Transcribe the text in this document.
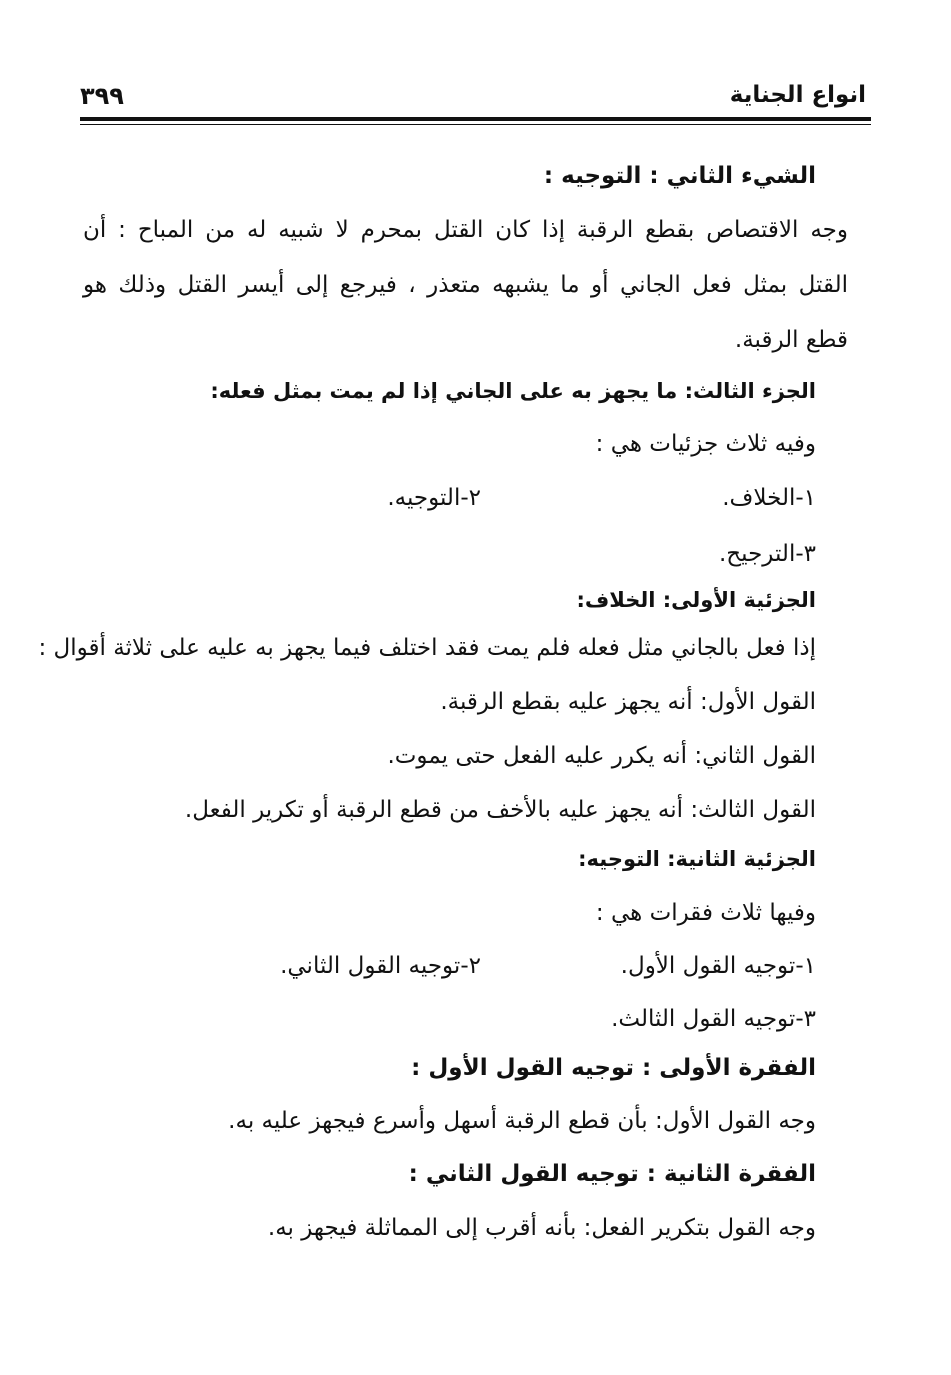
انواع الجناية
٣٩٩
الشيء الثاني : التوجيه :
وجه الاقتصاص بقطع الرقبة إذا كان القتل بمحرم لا شبيه له من المباح : أن
القتل بمثل فعل الجاني أو ما يشبهه متعذر ، فيرجع إلى أيسر القتل وذلك هو
قطع الرقبة.
الجزء الثالث: ما يجهز به على الجاني إذا لم يمت بمثل فعله:
وفيه ثلاث جزئيات هي :
١-الخلاف.
٢-التوجيه.
٣-الترجيح.
الجزئية الأولى: الخلاف:
إذا فعل بالجاني مثل فعله فلم يمت فقد اختلف فيما يجهز به عليه على ثلاثة أقوال :
القول الأول: أنه يجهز عليه بقطع الرقبة.
القول الثاني: أنه يكرر عليه الفعل حتى يموت.
القول الثالث: أنه يجهز عليه بالأخف من قطع الرقبة أو تكرير الفعل.
الجزئية الثانية: التوجيه:
وفيها ثلاث فقرات هي :
١-توجيه القول الأول.
٢-توجيه القول الثاني.
٣-توجيه القول الثالث.
الفقرة الأولى : توجيه القول الأول :
وجه القول الأول: بأن قطع الرقبة أسهل وأسرع فيجهز عليه به.
الفقرة الثانية : توجيه القول الثاني :
وجه القول بتكرير الفعل: بأنه أقرب إلى المماثلة فيجهز به.
